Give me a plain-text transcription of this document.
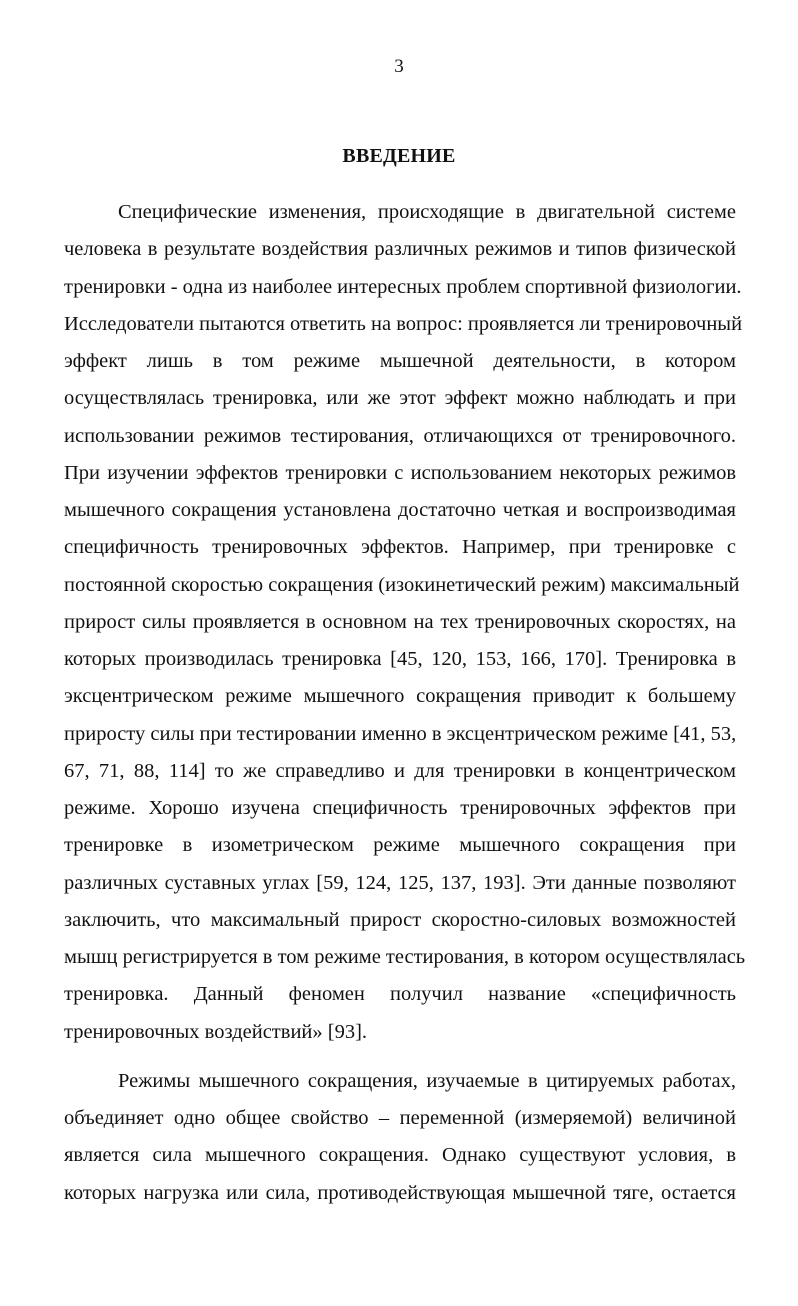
3
ВВЕДЕНИЕ

Специфические изменения, происходящие в двигательной системе
человека в результате воздействия различных режимов и типов физической
тренировки - одна из наиболее интересных проблем спортивной физиологии.
Исследователи пытаются ответить на вопрос: проявляется ли тренировочный
эффект лишь в том режиме мышечной деятельности, в котором
осуществлялась тренировка, или же этот эффект можно наблюдать и при
использовании режимов тестирования, отличающихся от тренировочного.
При изучении эффектов тренировки с использованием некоторых режимов
мышечного сокращения установлена достаточно четкая и воспроизводимая
специфичность тренировочных эффектов. Например, при тренировке с
постоянной скоростью сокращения (изокинетический режим) максимальный
прирост силы проявляется в основном на тех тренировочных скоростях, на
которых производилась тренировка [45, 120, 153, 166, 170]. Тренировка в
эксцентрическом режиме мышечного сокращения приводит к большему
приросту силы при тестировании именно в эксцентрическом режиме [41, 53,
67, 71, 88, 114] то же справедливо и для тренировки в концентрическом
режиме. Хорошо изучена специфичность тренировочных эффектов при
тренировке в изометрическом режиме мышечного сокращения при
различных суставных углах [59, 124, 125, 137, 193]. Эти данные позволяют
заключить, что максимальный прирост скоростно-силовых возможностей
мышц регистрируется в том режиме тестирования, в котором осуществлялась
тренировка. Данный феномен получил название «специфичность
тренировочных воздействий» [93].

Режимы мышечного сокращения, изучаемые в цитируемых работах,
объединяет одно общее свойство – переменной (измеряемой) величиной
является сила мышечного сокращения. Однако существуют условия, в
которых нагрузка или сила, противодействующая мышечной тяге, остается
